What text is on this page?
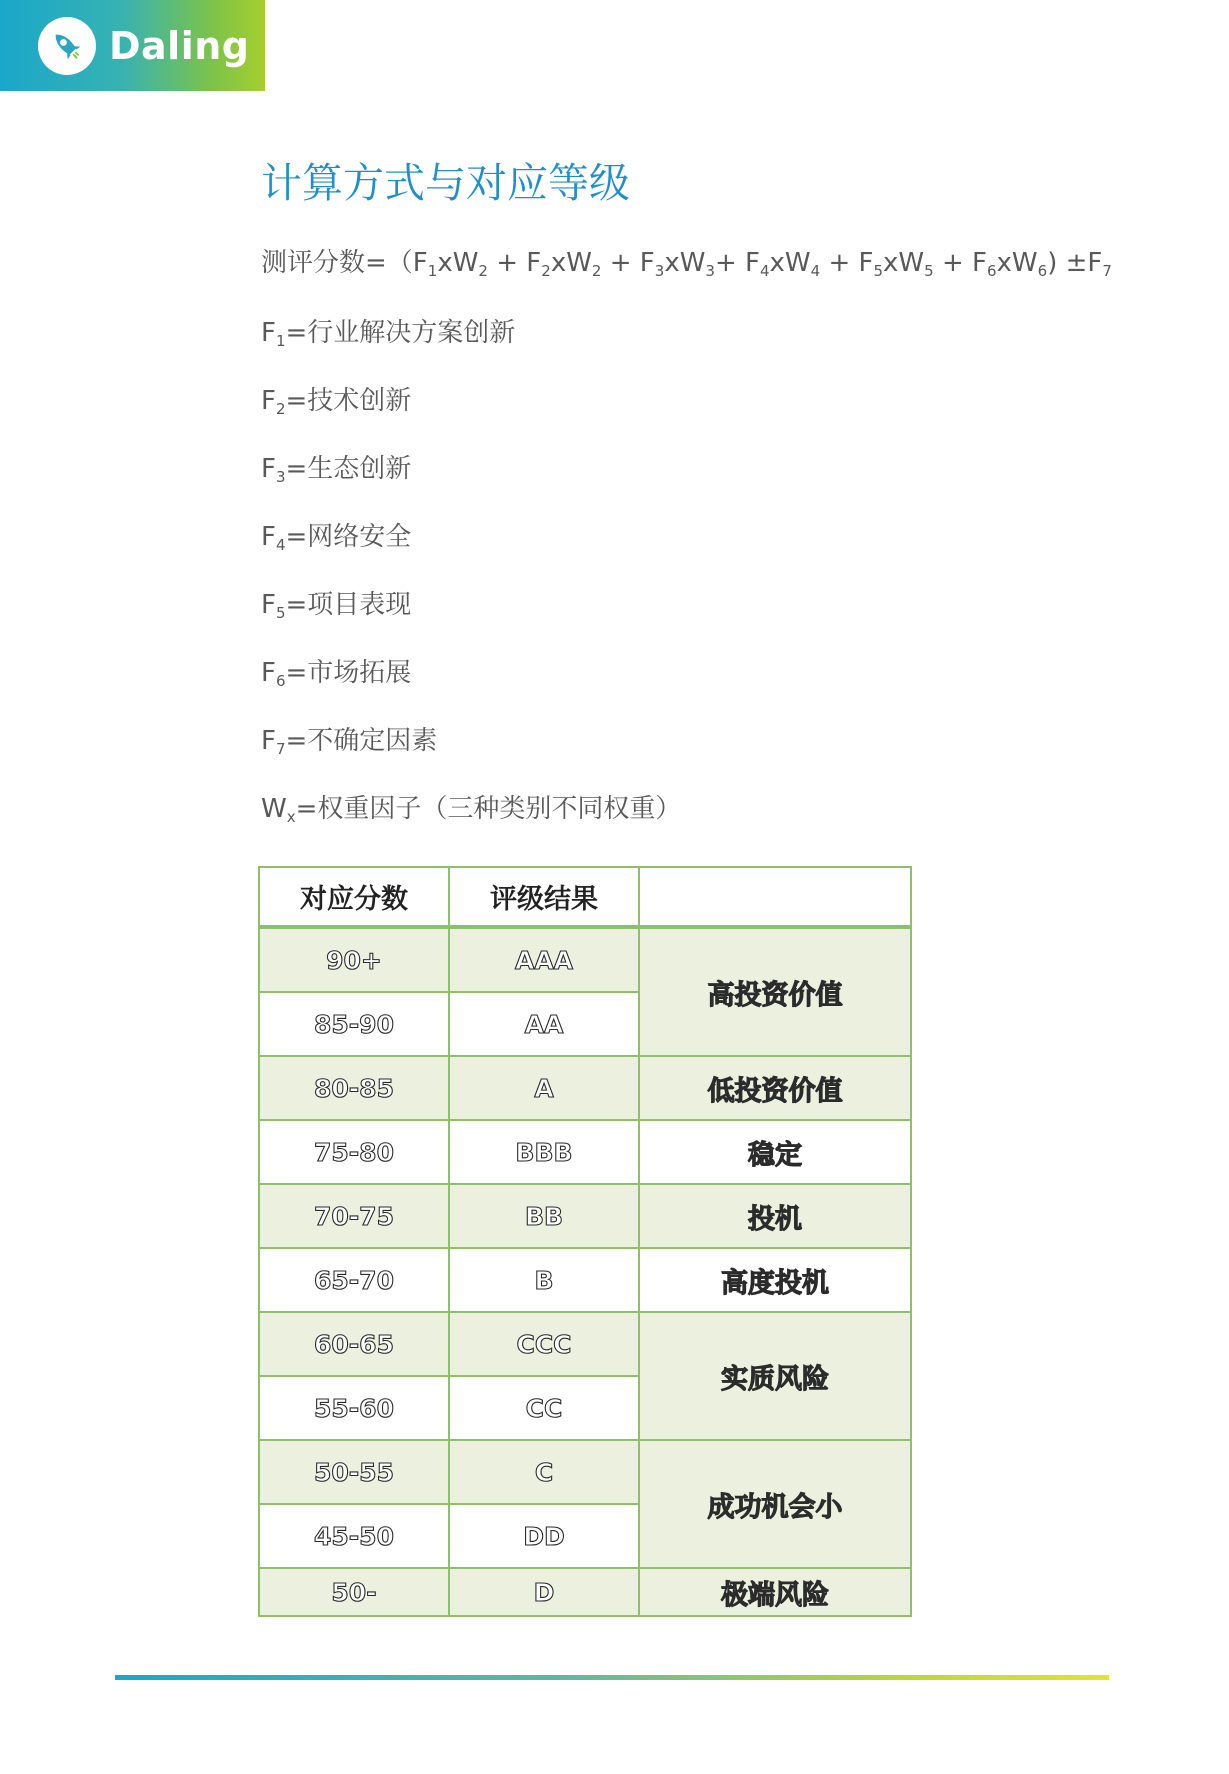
Daling
计算方式与对应等级
测评分数$=(F_1xW_2 + F_2xW_2 + F_3xW_3+ F_4xW_4 + F_5xW_5 + F_6xW_6) \pm F_7$
$F_1=$行业解决方案创新
$F_2=$技术创新
$F_3=$生态创新
$F_4=$网络安全
$F_5=$项目表现
$F_6=$市场拓展
$F_7=$不确定因素
$W_x=$权重因子（三种类别不同权重）
对应分数	评级结果	
90+	AAA	高投资价值
85-90	AA	
80-85	A	低投资价值
75-80	BBB	稳定
70-75	BB	投机
65-70	B	高度投机
60-65	CCC	实质风险
55-60	CC	
50-55	C	成功机会小
45-50	DD	
50-	D	极端风险
